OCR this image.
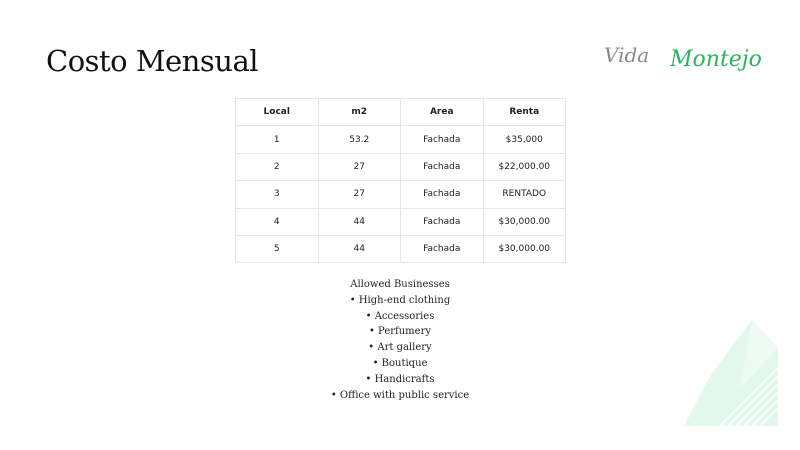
Costo Mensual	Vida Montejo
Local	m2	Area	Renta
1	53.2	Fachada	$35,000
2	27	Fachada	$22,000.00
3	27	Fachada	RENTADO
4	44	Fachada	$30,000.00
5	44	Fachada	$30,000.00
Allowed Businesses
• High-end clothing
• Accessories
• Perfumery
• Art gallery
• Boutique
• Handicrafts
• Office with public service
